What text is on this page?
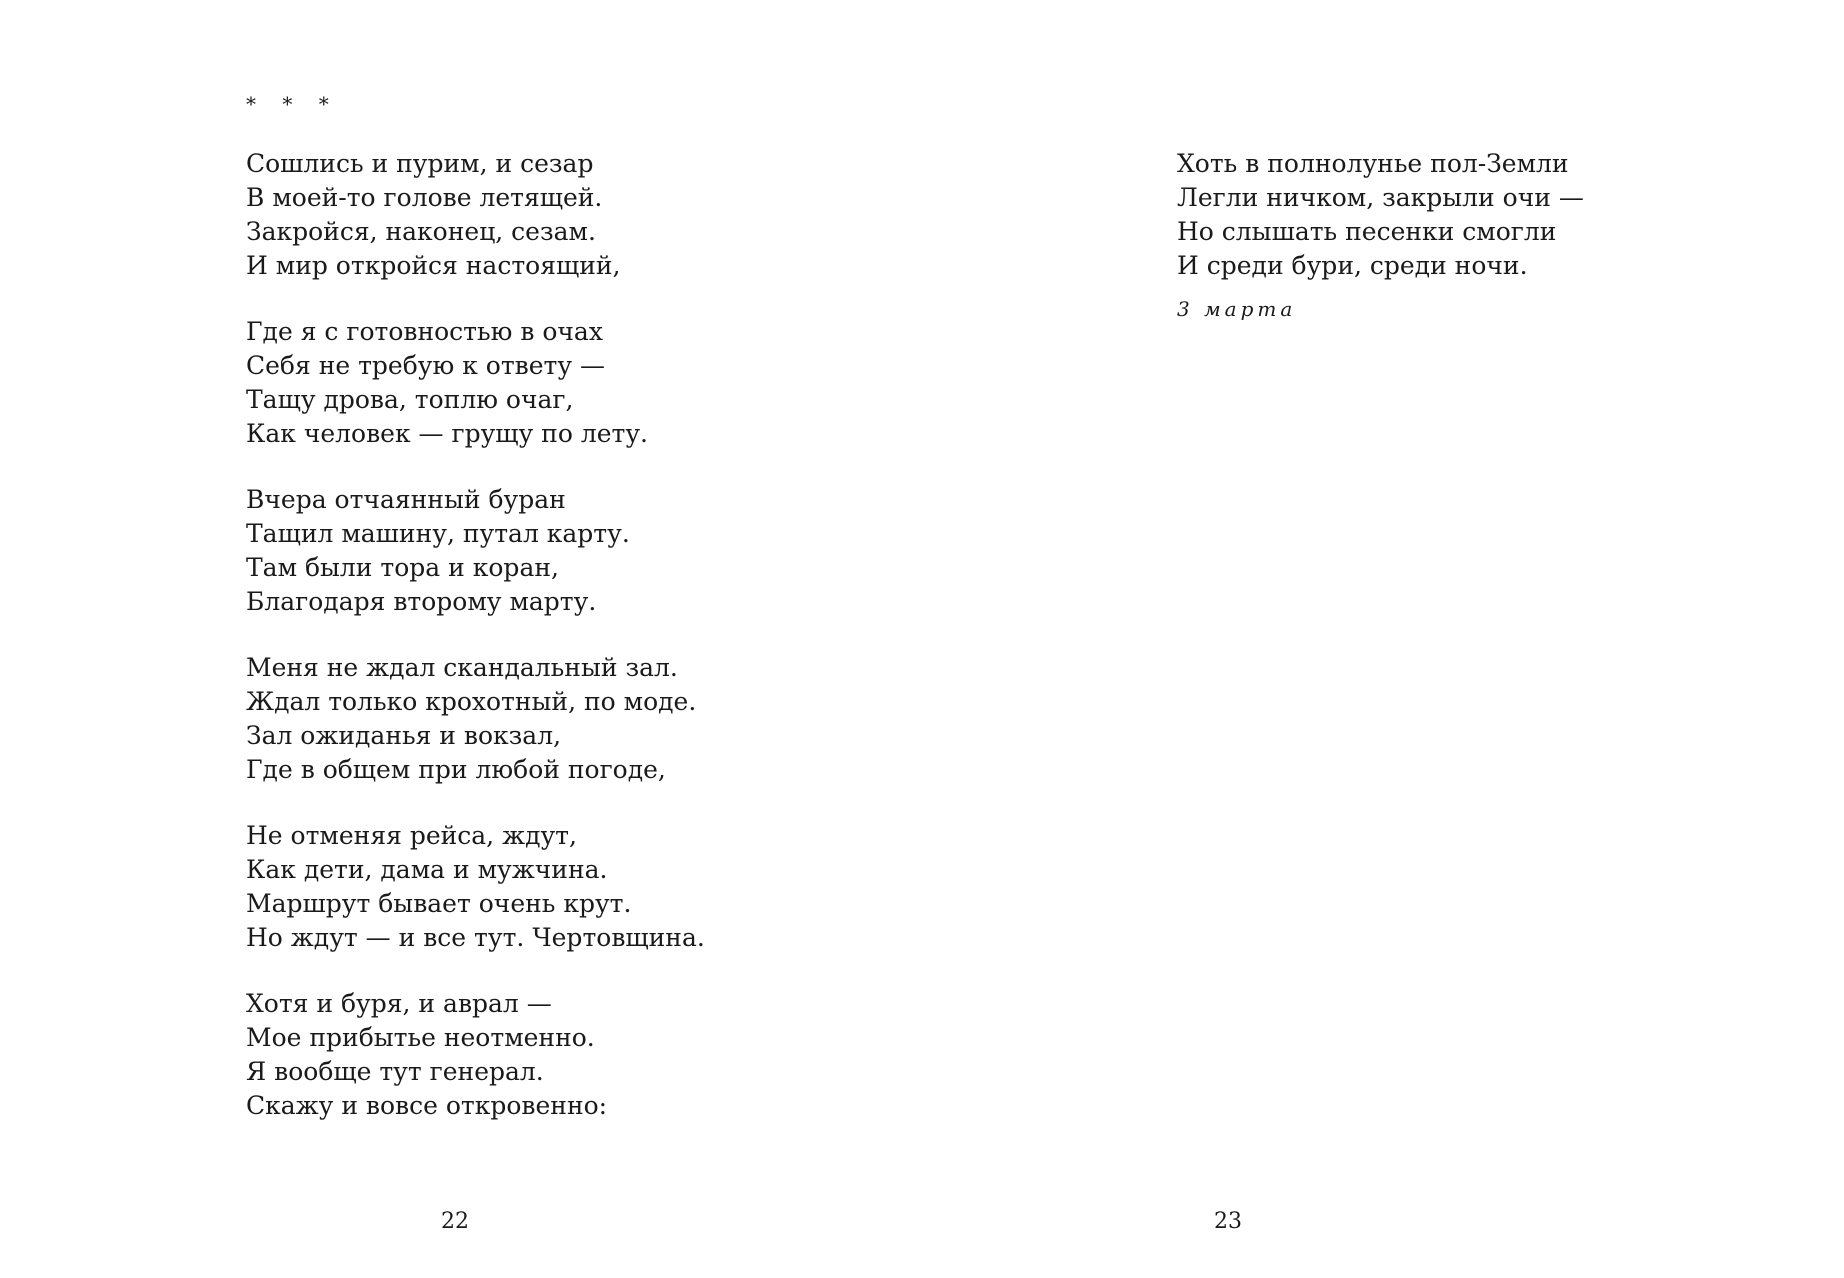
* * *
Сошлись и пурим, и сезар
В моей-то голове летящей.
Закройся, наконец, сезам.
И мир откройся настоящий,
Где я с готовностью в очах
Себя не требую к ответу —
Тащу дрова, топлю очаг,
Как человек — грущу по лету.
Вчера отчаянный буран
Тащил машину, путал карту.
Там были тора и коран,
Благодаря второму марту.
Меня не ждал скандальный зал.
Ждал только крохотный, по моде.
Зал ожиданья и вокзал,
Где в общем при любой погоде,
Не отменяя рейса, ждут,
Как дети, дама и мужчина.
Маршрут бывает очень крут.
Но ждут — и все тут. Чертовщина.
Хотя и буря, и аврал —
Мое прибытье неотменно.
Я вообще тут генерал.
Скажу и вовсе откровенно:
22
Хоть в полнолунье пол-Земли
Легли ничком, закрыли очи —
Но слышать песенки смогли
И среди бури, среди ночи.
3 марта
23
